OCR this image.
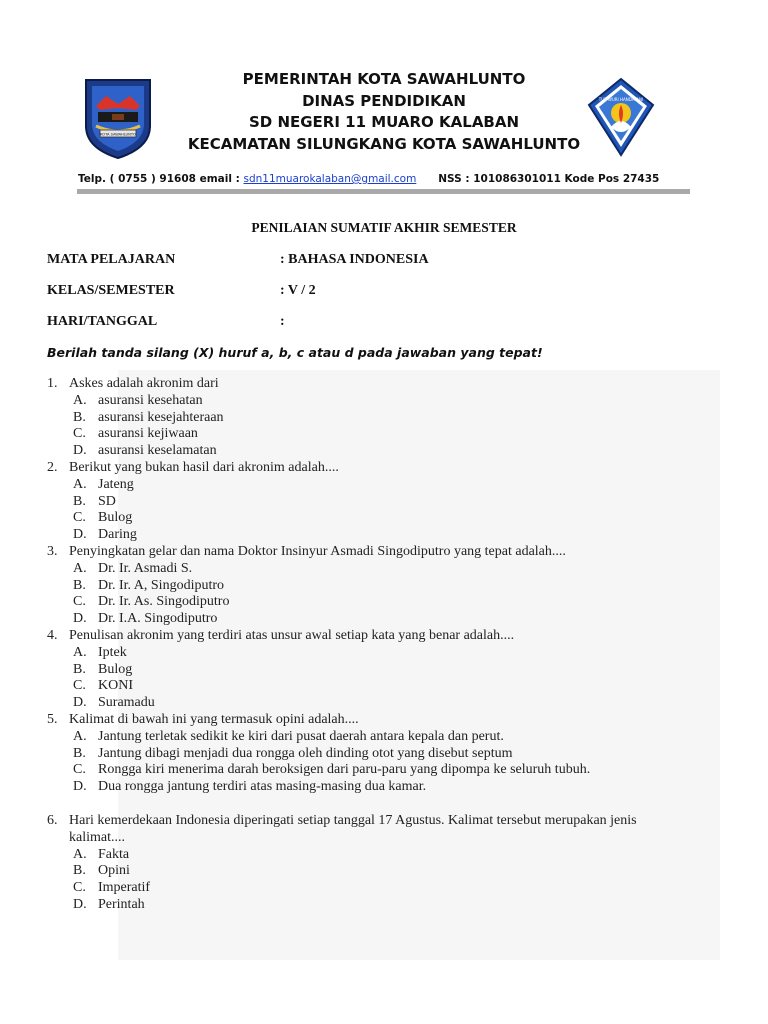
KOTA SAWAHLUNTO
TUT WURI HANDAYANI
PEMERINTAH KOTA SAWAHLUNTO
DINAS PENDIDIKAN
SD NEGERI 11 MUARO KALABAN
KECAMATAN SILUNGKANG KOTA SAWAHLUNTO
Telp. ( 0755 ) 91608 email : sdn11muarokalaban@gmail.com NSS : 101086301011 Kode Pos 27435
PENILAIAN SUMATIF AKHIR SEMESTER
MATA PELAJARAN	: BAHASA INDONESIA
KELAS/SEMESTER	: V / 2
HARI/TANGGAL	:
Berilah tanda silang (X) huruf a, b, c atau d pada jawaban yang tepat!
1. Askes adalah akronim dari
A. asuransi kesehatan
B. asuransi kesejahteraan
C. asuransi kejiwaan
D. asuransi keselamatan
2. Berikut yang bukan hasil dari akronim adalah....
A. Jateng
B. SD
C. Bulog
D. Daring
3. Penyingkatan gelar dan nama Doktor Insinyur Asmadi Singodiputro yang tepat adalah....
A. Dr. Ir. Asmadi S.
B. Dr. Ir. A, Singodiputro
C. Dr. Ir. As. Singodiputro
D. Dr. I.A. Singodiputro
4. Penulisan akronim yang terdiri atas unsur awal setiap kata yang benar adalah....
A. Iptek
B. Bulog
C. KONI
D. Suramadu
5. Kalimat di bawah ini yang termasuk opini adalah....
A. Jantung terletak sedikit ke kiri dari pusat daerah antara kepala dan perut.
B. Jantung dibagi menjadi dua rongga oleh dinding otot yang disebut septum
C. Rongga kiri menerima darah beroksigen dari paru-paru yang dipompa ke seluruh tubuh.
D. Dua rongga jantung terdiri atas masing-masing dua kamar.
6. Hari kemerdekaan Indonesia diperingati setiap tanggal 17 Agustus. Kalimat tersebut merupakan jenis
kalimat....
A. Fakta
B. Opini
C. Imperatif
D. Perintah
